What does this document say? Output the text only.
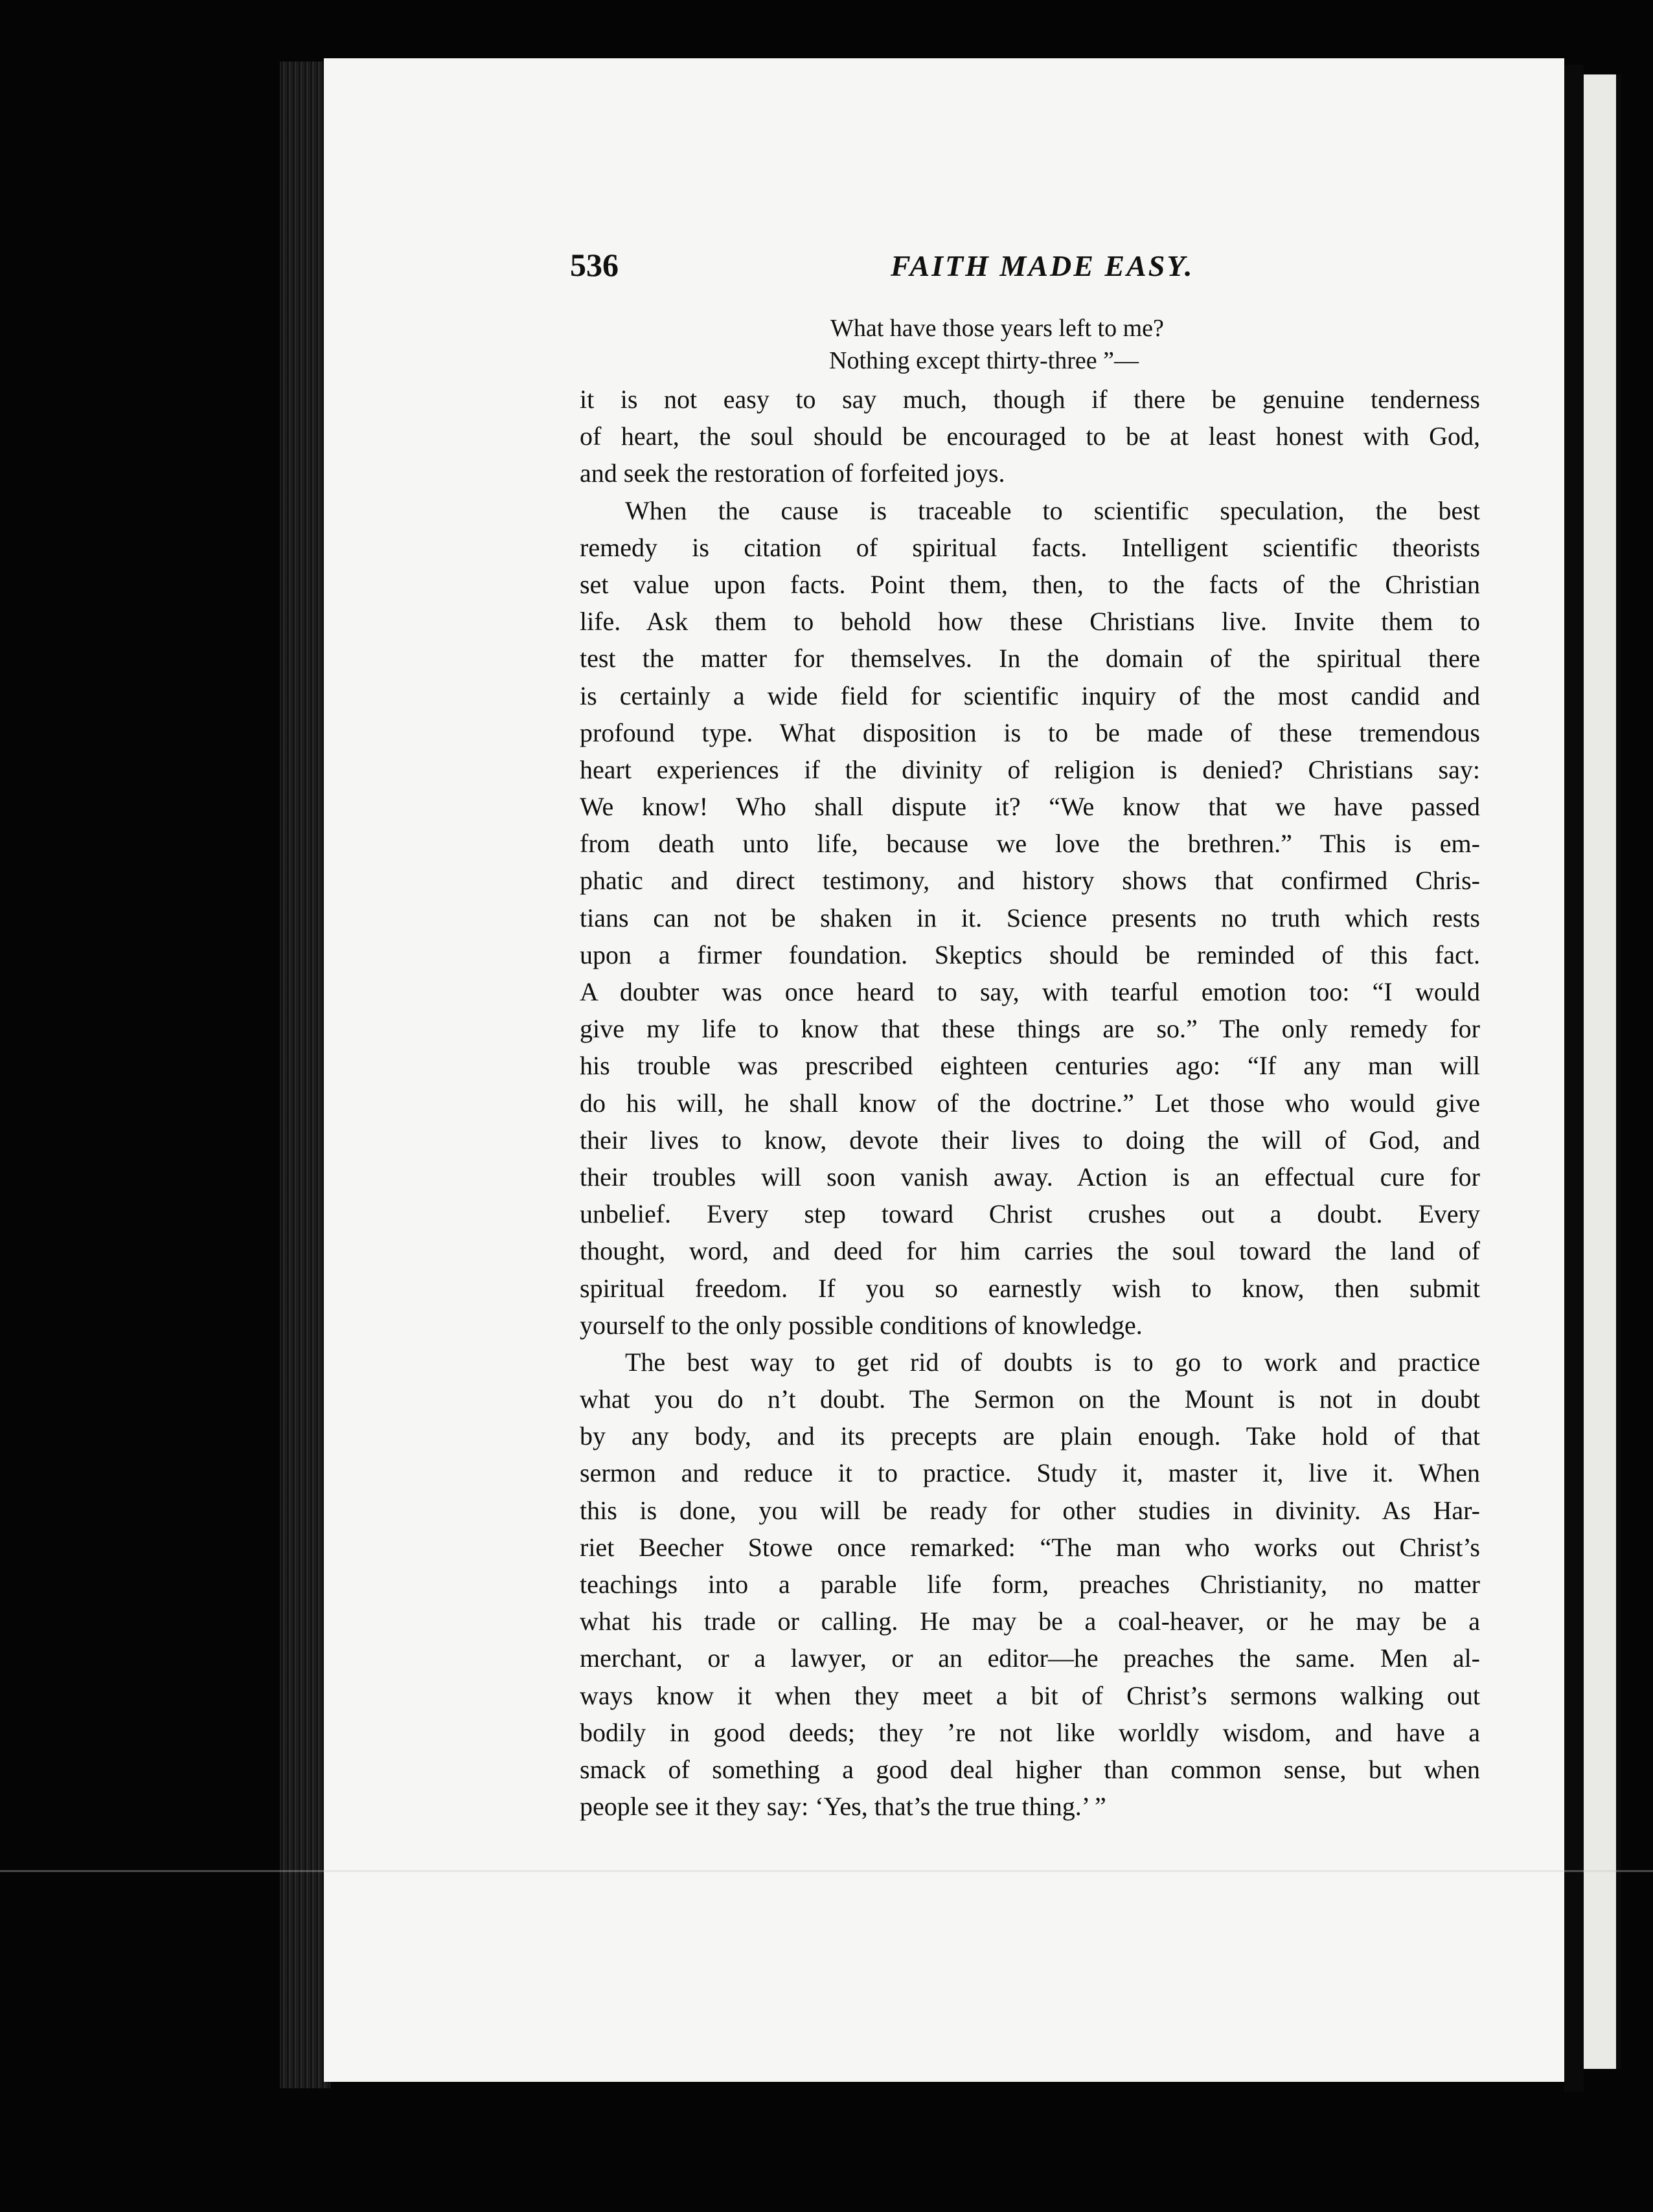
536	FAITH MADE EASY.
What have those years left to me?
Nothing except thirty-three ”—
it is not easy to say much, though if there be genuine tenderness
of heart, the soul should be encouraged to be at least honest with God,
and seek the restoration of forfeited joys.
When the cause is traceable to scientific speculation, the best
remedy is citation of spiritual facts. Intelligent scientific theorists
set value upon facts. Point them, then, to the facts of the Christian
life. Ask them to behold how these Christians live. Invite them to
test the matter for themselves. In the domain of the spiritual there
is certainly a wide field for scientific inquiry of the most candid and
profound type. What disposition is to be made of these tremendous
heart experiences if the divinity of religion is denied? Christians say:
We know! Who shall dispute it? “We know that we have passed
from death unto life, because we love the brethren.” This is em-
phatic and direct testimony, and history shows that confirmed Chris-
tians can not be shaken in it. Science presents no truth which rests
upon a firmer foundation. Skeptics should be reminded of this fact.
A doubter was once heard to say, with tearful emotion too: “I would
give my life to know that these things are so.” The only remedy for
his trouble was prescribed eighteen centuries ago: “If any man will
do his will, he shall know of the doctrine.” Let those who would give
their lives to know, devote their lives to doing the will of God, and
their troubles will soon vanish away. Action is an effectual cure for
unbelief. Every step toward Christ crushes out a doubt. Every
thought, word, and deed for him carries the soul toward the land of
spiritual freedom. If you so earnestly wish to know, then submit
yourself to the only possible conditions of knowledge.
The best way to get rid of doubts is to go to work and practice
what you do n’t doubt. The Sermon on the Mount is not in doubt
by any body, and its precepts are plain enough. Take hold of that
sermon and reduce it to practice. Study it, master it, live it. When
this is done, you will be ready for other studies in divinity. As Har-
riet Beecher Stowe once remarked: “The man who works out Christ’s
teachings into a parable life form, preaches Christianity, no matter
what his trade or calling. He may be a coal-heaver, or he may be a
merchant, or a lawyer, or an editor—he preaches the same. Men al-
ways know it when they meet a bit of Christ’s sermons walking out
bodily in good deeds; they ’re not like worldly wisdom, and have a
smack of something a good deal higher than common sense, but when
people see it they say: ‘Yes, that’s the true thing.’ ”
